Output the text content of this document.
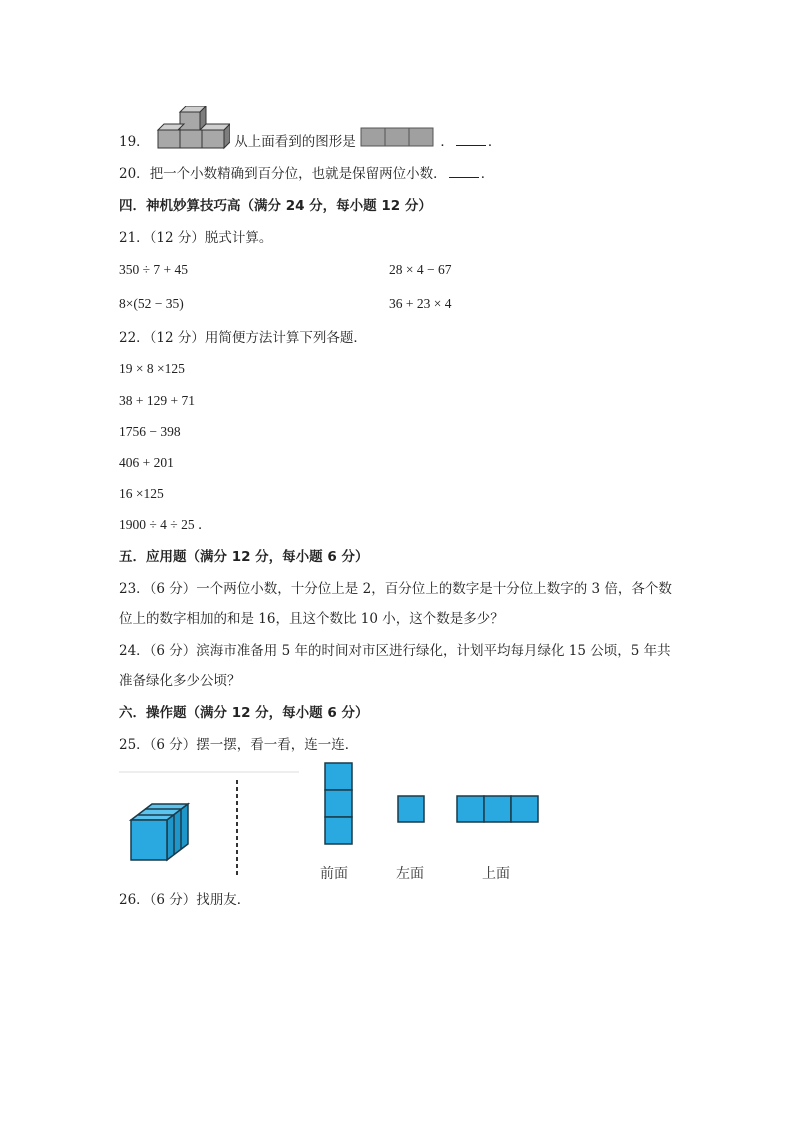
19．	从上面看到的图形是	．	．
20．把一个小数精确到百分位，也就是保留两位小数．	．
四．神机妙算技巧高（满分 24 分，每小题 12 分）
21．（12 分）脱式计算。
350 ÷ 7 + 45	28 × 4 − 67
8×(52 − 35)	36 + 23 × 4
22．（12 分）用简便方法计算下列各题．
19 × 8 ×125
38 + 129 + 71
1756 − 398
406 + 201
16 ×125
1900 ÷ 4 ÷ 25 ．
五．应用题（满分 12 分，每小题 6 分）
23．（6 分）一个两位小数，十分位上是 2，百分位上的数字是十分位上数字的 3 倍，各个数
位上的数字相加的和是 16，且这个数比 10 小，这个数是多少？
24．（6 分）滨海市准备用 5 年的时间对市区进行绿化，计划平均每月绿化 15 公顷，5 年共
准备绿化多少公顷？
六．操作题（满分 12 分，每小题 6 分）
25．（6 分）摆一摆，看一看，连一连．
前面	左面	上面
26．（6 分）找朋友．
